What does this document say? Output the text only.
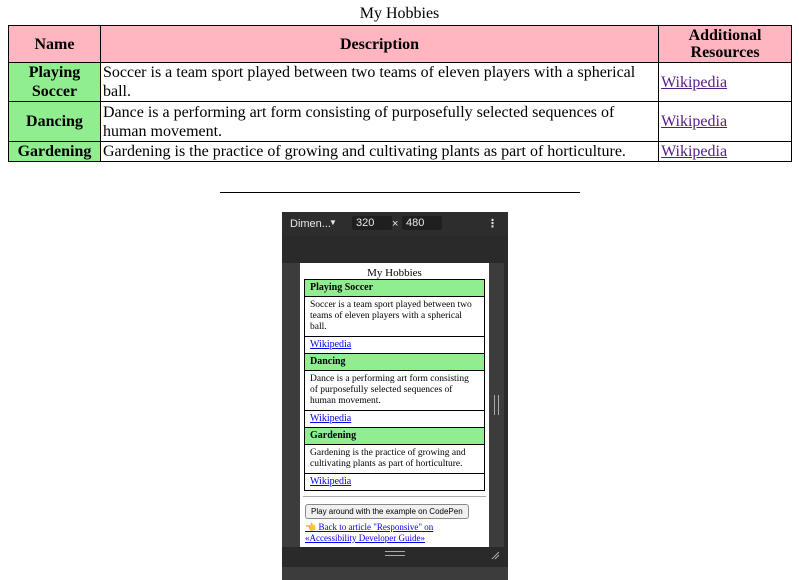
My Hobbies
Name	Description	Additional Resources
Playing Soccer	Soccer is a team sport played between two teams of eleven players with a spherical ball.	Wikipedia
Dancing	Dance is a performing art form consisting of purposefully selected sequences of human movement.	Wikipedia
Gardening	Gardening is the practice of growing and cultivating plants as part of horticulture.	Wikipedia
Dimen...
▼	320	× 480	⋮
My Hobbies
Playing Soccer
Soccer is a team sport played between two teams of eleven players with a spherical ball.
Wikipedia
Dancing
Dance is a performing art form consisting of purposefully selected sequences of human movement.
Wikipedia
Gardening
Gardening is the practice of growing and cultivating plants as part of horticulture.
Wikipedia
Play around with the example on CodePen
👈 Back to article "Responsive" on «Accessibility Developer Guide»
